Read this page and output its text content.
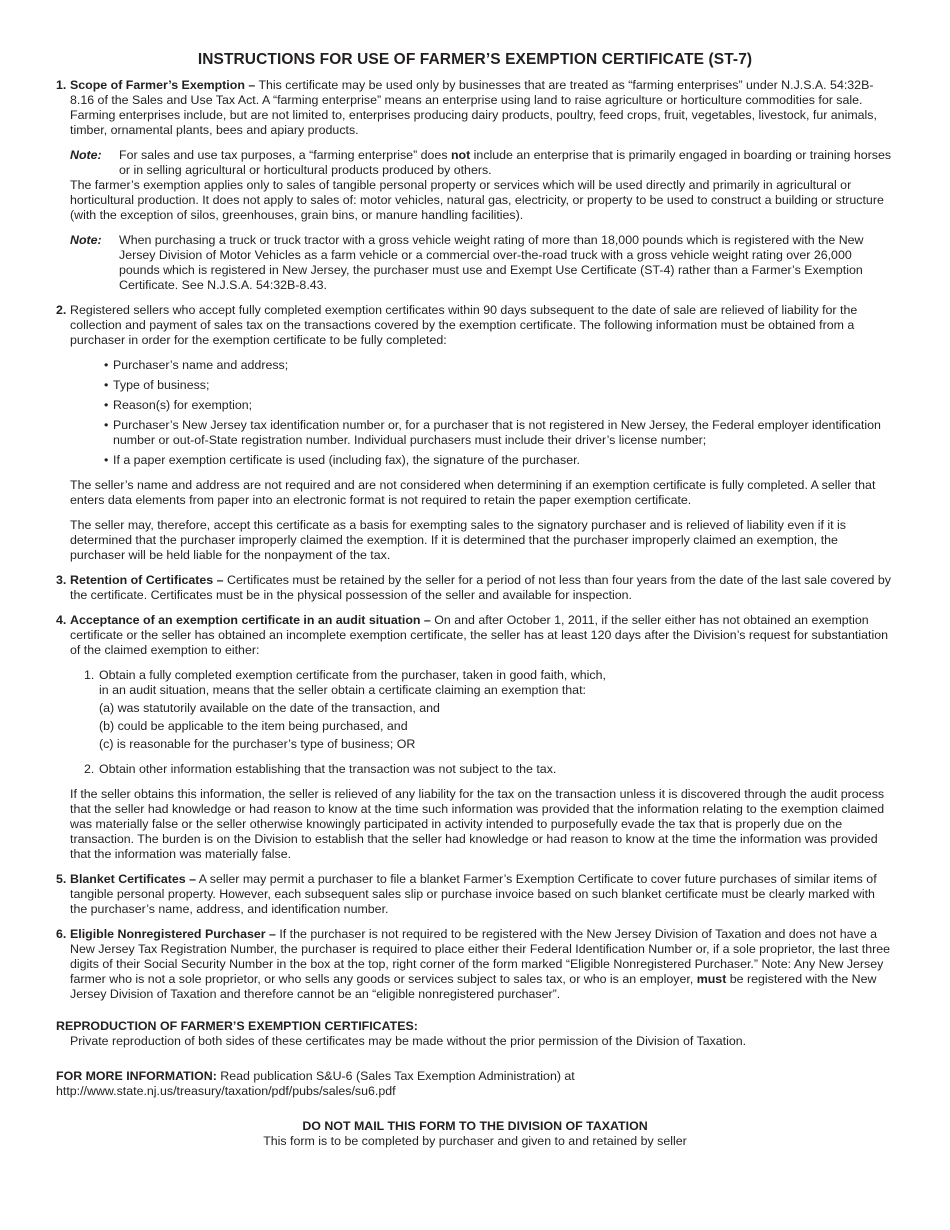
INSTRUCTIONS FOR USE OF FARMER’S EXEMPTION CERTIFICATE (ST-7)
1. Scope of Farmer’s Exemption – This certificate may be used only by businesses that are treated as “farming enterprises” under N.J.S.A. 54:32B-8.16 of the Sales and Use Tax Act. A “farming enterprise” means an enterprise using land to raise agriculture or horticulture commodities for sale. Farming enterprises include, but are not limited to, enterprises producing dairy products, poultry, feed crops, fruit, vegetables, livestock, fur animals, timber, ornamental plants, bees and apiary products.

Note: For sales and use tax purposes, a “farming enterprise” does not include an enterprise that is primarily engaged in boarding or training horses or in selling agricultural or horticultural products produced by others.

The farmer’s exemption applies only to sales of tangible personal property or services which will be used directly and primarily in agricultural or horticultural production. It does not apply to sales of: motor vehicles, natural gas, electricity, or property to be used to construct a building or structure (with the exception of silos, greenhouses, grain bins, or manure handling facilities).

Note: When purchasing a truck or truck tractor with a gross vehicle weight rating of more than 18,000 pounds which is registered with the New Jersey Division of Motor Vehicles as a farm vehicle or a commercial over-the-road truck with a gross vehicle weight rating over 26,000 pounds which is registered in New Jersey, the purchaser must use and Exempt Use Certificate (ST-4) rather than a Farmer’s Exemption Certificate. See N.J.S.A. 54:32B-8.43.
2. Registered sellers who accept fully completed exemption certificates within 90 days subsequent to the date of sale are relieved of liability for the collection and payment of sales tax on the transactions covered by the exemption certificate. The following information must be obtained from a purchaser in order for the exemption certificate to be fully completed:

• Purchaser’s name and address;
• Type of business;
• Reason(s) for exemption;
• Purchaser’s New Jersey tax identification number or, for a purchaser that is not registered in New Jersey, the Federal employer identification number or out-of-State registration number. Individual purchasers must include their driver’s license number;
• If a paper exemption certificate is used (including fax), the signature of the purchaser.

The seller’s name and address are not required and are not considered when determining if an exemption certificate is fully completed. A seller that enters data elements from paper into an electronic format is not required to retain the paper exemption certificate.

The seller may, therefore, accept this certificate as a basis for exempting sales to the signatory purchaser and is relieved of liability even if it is determined that the purchaser improperly claimed the exemption. If it is determined that the purchaser improperly claimed an exemption, the purchaser will be held liable for the nonpayment of the tax.

3. Retention of Certificates – Certificates must be retained by the seller for a period of not less than four years from the date of the last sale covered by the certificate. Certificates must be in the physical possession of the seller and available for inspection.

4. Acceptance of an exemption certificate in an audit situation – On and after October 1, 2011, if the seller either has not obtained an exemption certificate or the seller has obtained an incomplete exemption certificate, the seller has at least 120 days after the Division’s request for substantiation of the claimed exemption to either:

1. Obtain a fully completed exemption certificate from the purchaser, taken in good faith, which,
in an audit situation, means that the seller obtain a certificate claiming an exemption that:
(a) was statutorily available on the date of the transaction, and
(b) could be applicable to the item being purchased, and
(c) is reasonable for the purchaser’s type of business; OR
2. Obtain other information establishing that the transaction was not subject to the tax.

If the seller obtains this information, the seller is relieved of any liability for the tax on the transaction unless it is discovered through the audit process that the seller had knowledge or had reason to know at the time such information was provided that the information relating to the exemption claimed was materially false or the seller otherwise knowingly participated in activity intended to purposefully evade the tax that is properly due on the transaction. The burden is on the Division to establish that the seller had knowledge or had reason to know at the time the information was provided that the information was materially false.

5. Blanket Certificates – A seller may permit a purchaser to file a blanket Farmer’s Exemption Certificate to cover future purchases of similar items of tangible personal property. However, each subsequent sales slip or purchase invoice based on such blanket certificate must be clearly marked with the purchaser’s name, address, and identification number.

6. Eligible Nonregistered Purchaser – If the purchaser is not required to be registered with the New Jersey Division of Taxation and does not have a New Jersey Tax Registration Number, the purchaser is required to place either their Federal Identification Number or, if a sole proprietor, the last three digits of their Social Security Number in the box at the top, right corner of the form marked “Eligible Nonregistered Purchaser.” Note: Any New Jersey farmer who is not a sole proprietor, or who sells any goods or services subject to sales tax, or who is an employer, must be registered with the New Jersey Division of Taxation and therefore cannot be an “eligible nonregistered purchaser”.

REPRODUCTION OF FARMER’S EXEMPTION CERTIFICATES:
Private reproduction of both sides of these certificates may be made without the prior permission of the Division of Taxation.
FOR MORE INFORMATION: Read publication S&U-6 (Sales Tax Exemption Administration) at
http://www.state.nj.us/treasury/taxation/pdf/pubs/sales/su6.pdf
DO NOT MAIL THIS FORM TO THE DIVISION OF TAXATION
This form is to be completed by purchaser and given to and retained by seller
